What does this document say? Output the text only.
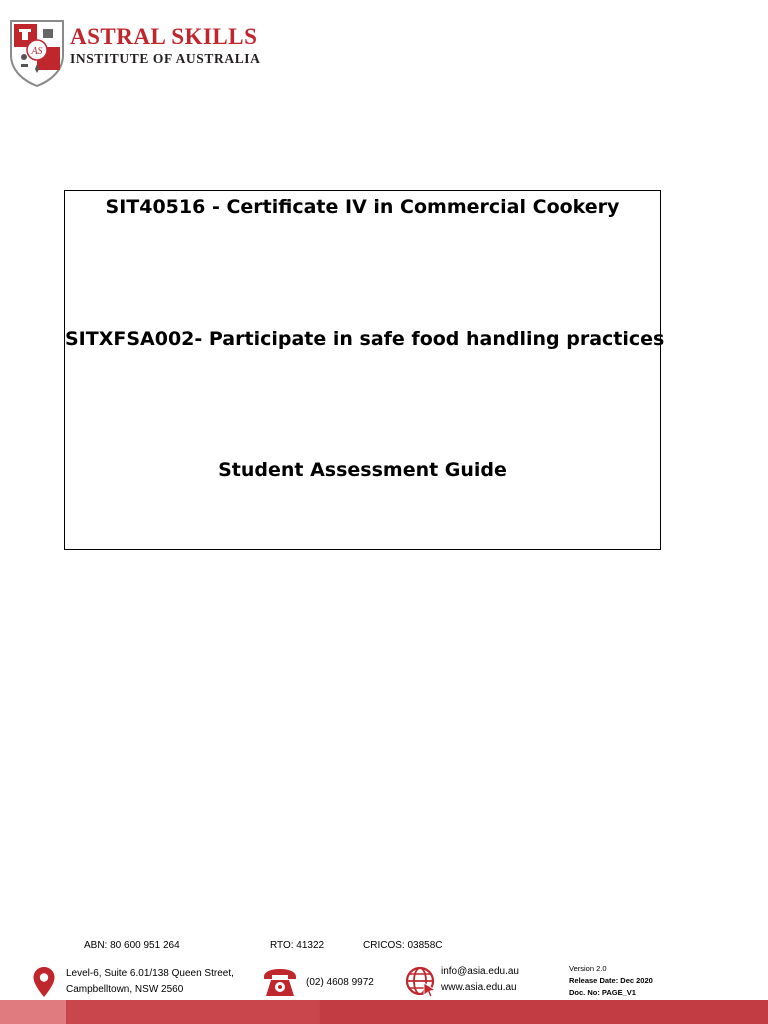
AS
ASTRAL SKILLS
INSTITUTE OF AUSTRALIA
SIT40516 - Certificate IV in Commercial Cookery
SITXFSA002- Participate in safe food handling practices
Student Assessment Guide
ABN: 80 600 951 264	RTO: 41322	CRICOS: 03858C
Level-6, Suite 6.01/138 Queen Street,
Campbelltown, NSW 2560
(02) 4608 9972
info@asia.edu.au
www.asia.edu.au
Version 2.0
Release Date: Dec 2020
Doc. No: PAGE_V1
